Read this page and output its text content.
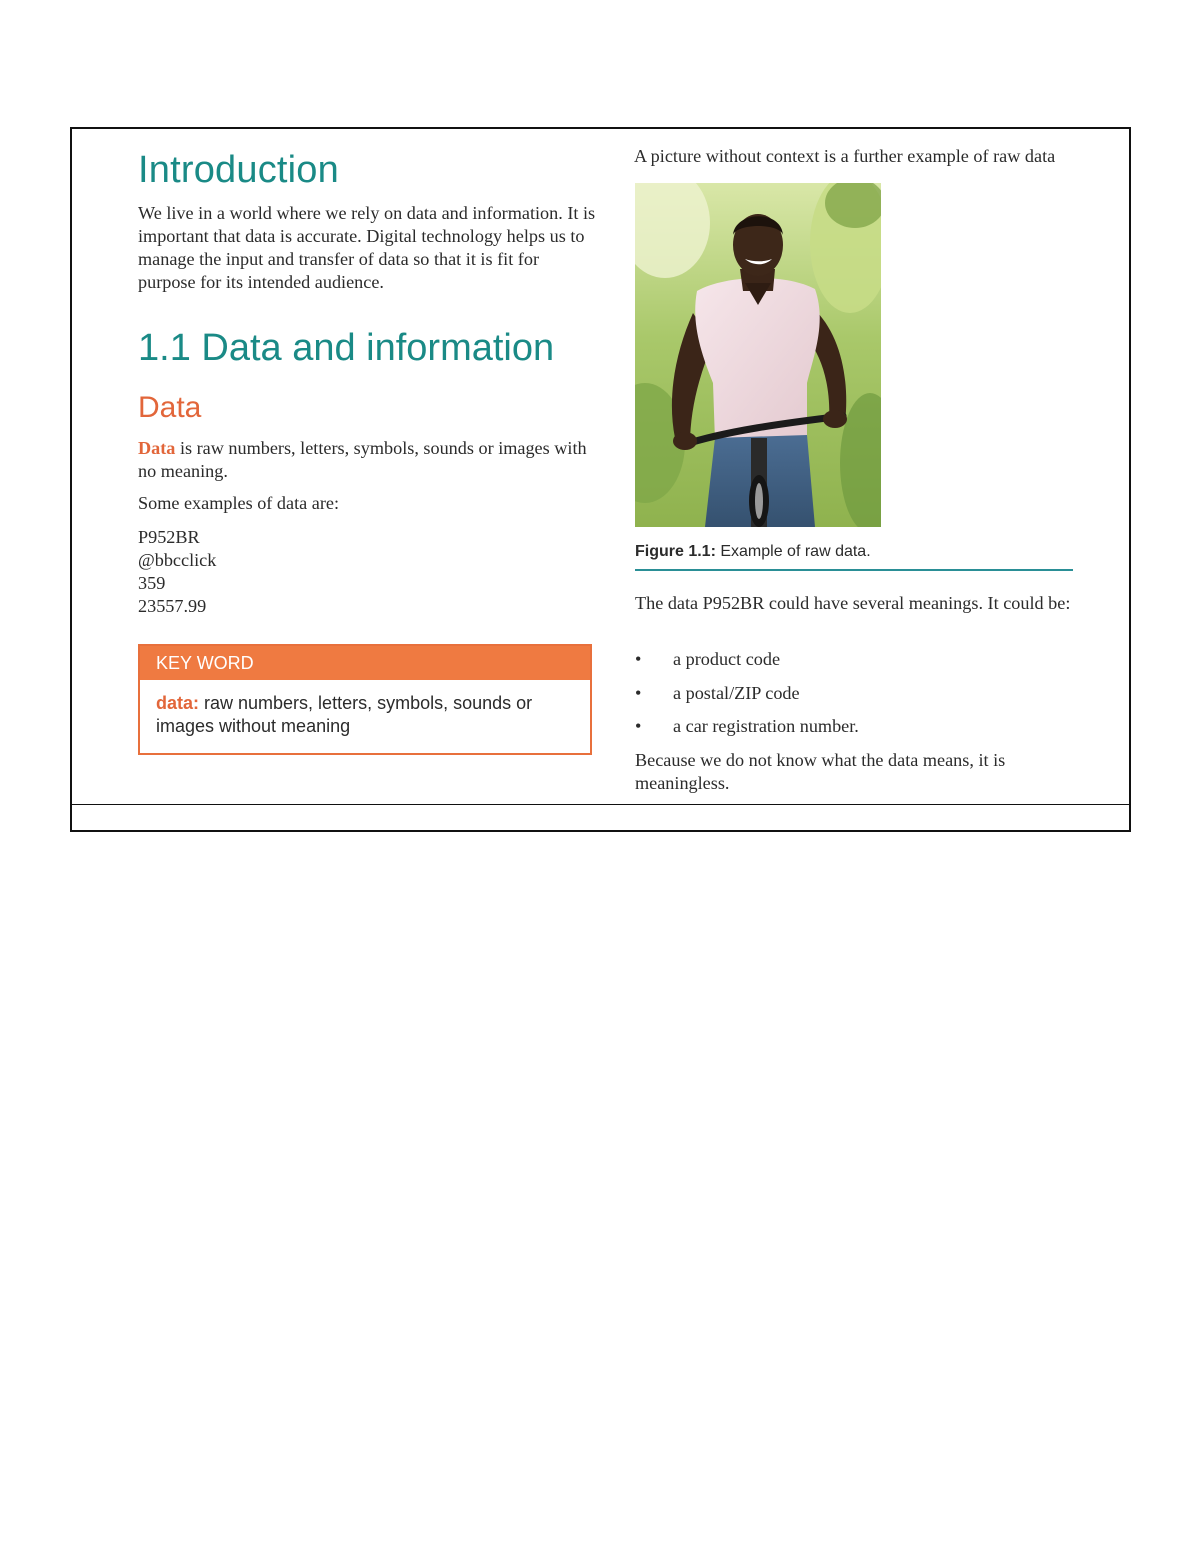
Introduction

We live in a world where we rely on data and information. It is important that data is accurate. Digital technology helps us to manage the input and transfer of data so that it is fit for purpose for its intended audience.

1.1 Data and information
Data

Data is raw numbers, letters, symbols, sounds or images with no meaning.

Some examples of data are:

P952BR
@bbcclick
359
23557.99
KEY WORD
data: raw numbers, letters, symbols, sounds or images without meaning

A picture without context is a further example of raw data

Figure 1.1: Example of raw data.

The data P952BR could have several meanings. It could be:

• a product code
• a postal/ZIP code
• a car registration number.

Because we do not know what the data means, it is meaningless.
